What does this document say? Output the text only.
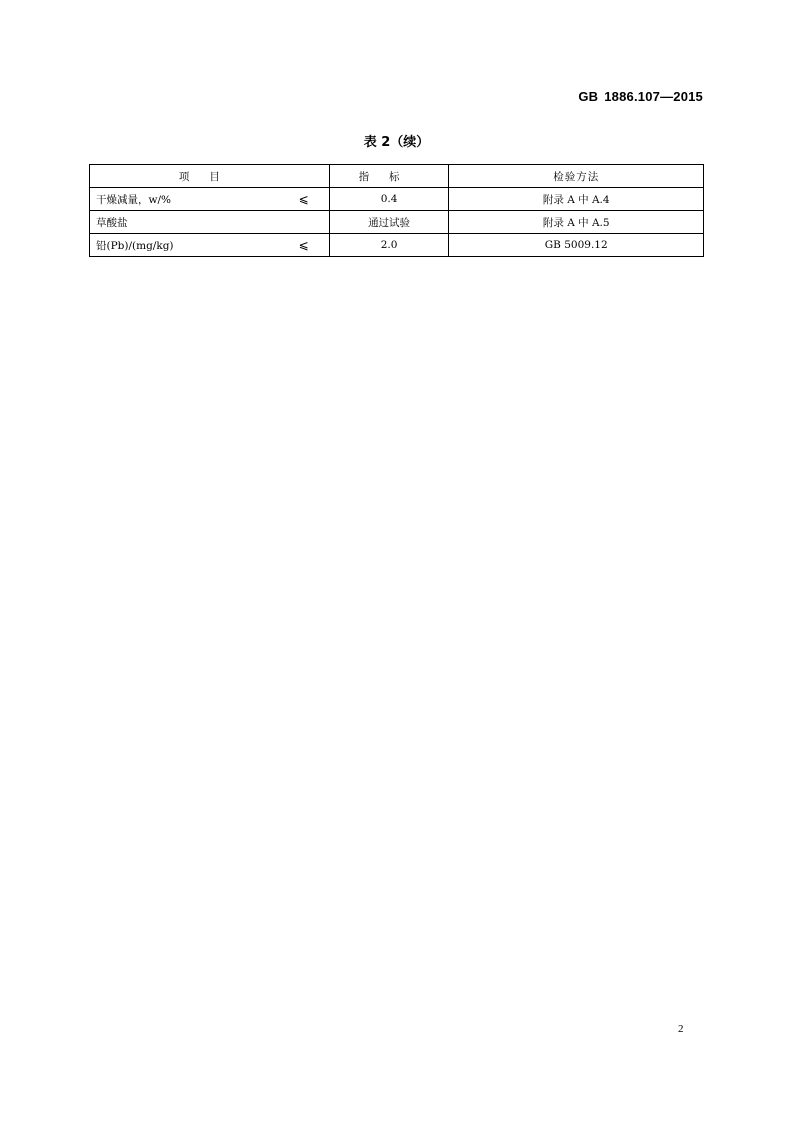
GB 1886.107—2015
表 2（续）
项目	指标	检验方法

干燥减量，w/% ⩽	0.4	附录 A 中 A.4

草酸盐	通过试验	附录 A 中 A.5

铅(Pb)/(mg/kg) ⩽	2.0	GB 5009.12
2
